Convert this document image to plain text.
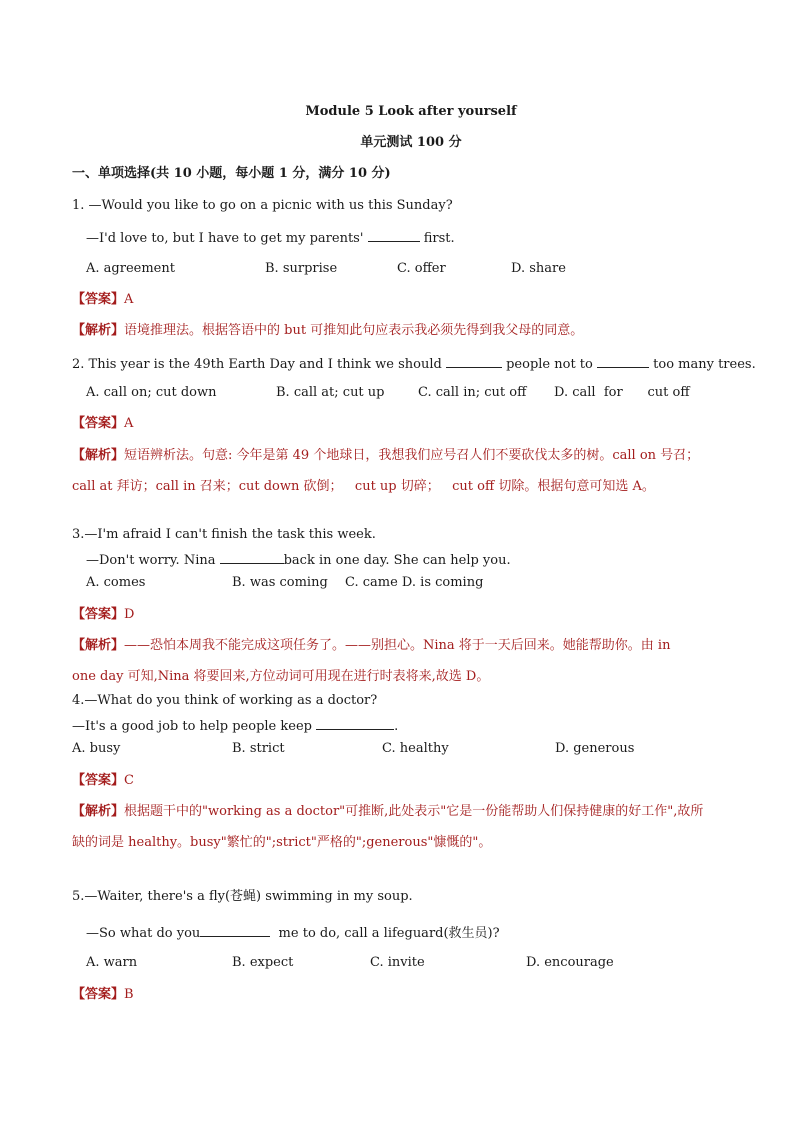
Module 5 Look after yourself
单元测试 100 分
一、单项选择(共 10 小题，每小题 1 分，满分 10 分)
1. —Would you like to go on a picnic with us this Sunday?
—I'd love to, but I have to get my parents'	first.
A. agreement	B. surprise	C. offer	D. share
【答案】A
【解析】语境推理法。根据答语中的 but 可推知此句应表示我必须先得到我父母的同意。
2. This year is the 49th Earth Day and I think we should	people not to	too many trees.
A. call on; cut down	B. call at; cut up	C. call in; cut off D. call  for      cut off
【答案】A
【解析】短语辨析法。句意: 今年是第 49 个地球日，我想我们应号召人们不要砍伐太多的树。call on 号召；
call at 拜访；call in 召来；cut down 砍倒；   cut up 切碎；   cut off 切除。根据句意可知选 A。
3.—I'm afraid I can't finish the task this week.
—Don't worry. Nina	back in one day. She can help you.
A. comes	B. was coming C. came D. is coming
【答案】D
【解析】——恐怕本周我不能完成这项任务了。——别担心。Nina 将于一天后回来。她能帮助你。由 in
one day 可知,Nina 将要回来,方位动词可用现在进行时表将来,故选 D。
4.—What do you think of working as a doctor?
—It's a good job to help people keep	.
A. busy	B. strict	C. healthy	D. generous
【答案】C
【解析】根据题干中的"working as a doctor"可推断,此处表示"它是一份能帮助人们保持健康的好工作",故所
缺的词是 healthy。busy"繁忙的";strict"严格的";generous"慷慨的"。
5.—Waiter, there's a fly(苍蝇) swimming in my soup.
—So what do you	me to do, call a lifeguard(救生员)?
A. warn	B. expect	C. invite	D. encourage
【答案】B
